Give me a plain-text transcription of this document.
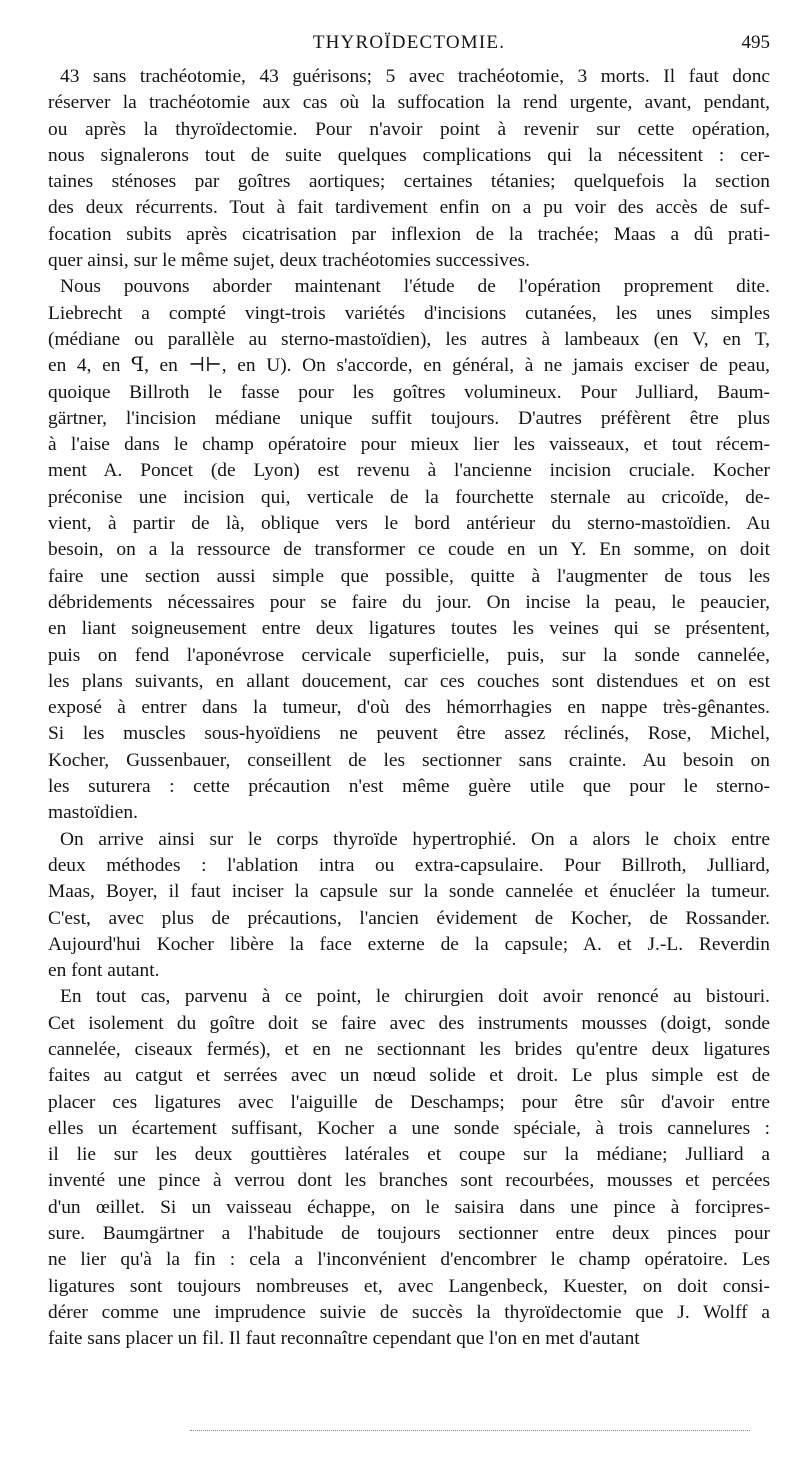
THYROÏDECTOMIE.	495

43 sans trachéotomie, 43 guérisons; 5 avec trachéotomie, 3 morts. Il faut donc
réserver la trachéotomie aux cas où la suffocation la rend urgente, avant, pendant,
ou après la thyroïdectomie. Pour n'avoir point à revenir sur cette opération,
nous signalerons tout de suite quelques complications qui la nécessitent : cer-
taines sténoses par goîtres aortiques; certaines tétanies; quelquefois la section
des deux récurrents. Tout à fait tardivement enfin on a pu voir des accès de suf-
focation subits après cicatrisation par inflexion de la trachée; Maas a dû prati-
quer ainsi, sur le même sujet, deux trachéotomies successives.

Nous pouvons aborder maintenant l'étude de l'opération proprement dite.
Liebrecht a compté vingt-trois variétés d'incisions cutanées, les unes simples
(médiane ou parallèle au sterno-mastoïdien), les autres à lambeaux (en V, en T,
en 4, en ꟼ, en ⊣⊢, en U). On s'accorde, en général, à ne jamais exciser de peau,
quoique Billroth le fasse pour les goîtres volumineux. Pour Julliard, Baum-
gärtner, l'incision médiane unique suffit toujours. D'autres préfèrent être plus
à l'aise dans le champ opératoire pour mieux lier les vaisseaux, et tout récem-
ment A. Poncet (de Lyon) est revenu à l'ancienne incision cruciale. Kocher
préconise une incision qui, verticale de la fourchette sternale au cricoïde, de-
vient, à partir de là, oblique vers le bord antérieur du sterno-mastoïdien. Au
besoin, on a la ressource de transformer ce coude en un Y. En somme, on doit
faire une section aussi simple que possible, quitte à l'augmenter de tous les
débridements nécessaires pour se faire du jour. On incise la peau, le peaucier,
en liant soigneusement entre deux ligatures toutes les veines qui se présentent,
puis on fend l'aponévrose cervicale superficielle, puis, sur la sonde cannelée,
les plans suivants, en allant doucement, car ces couches sont distendues et on est
exposé à entrer dans la tumeur, d'où des hémorrhagies en nappe très-gênantes.
Si les muscles sous-hyoïdiens ne peuvent être assez réclinés, Rose, Michel,
Kocher, Gussenbauer, conseillent de les sectionner sans crainte. Au besoin on
les suturera : cette précaution n'est même guère utile que pour le sterno-
mastoïdien.

On arrive ainsi sur le corps thyroïde hypertrophié. On a alors le choix entre
deux méthodes : l'ablation intra ou extra-capsulaire. Pour Billroth, Julliard,
Maas, Boyer, il faut inciser la capsule sur la sonde cannelée et énucléer la tumeur.
C'est, avec plus de précautions, l'ancien évidement de Kocher, de Rossander.
Aujourd'hui Kocher libère la face externe de la capsule; A. et J.-L. Reverdin
en font autant.

En tout cas, parvenu à ce point, le chirurgien doit avoir renoncé au bistouri.
Cet isolement du goître doit se faire avec des instruments mousses (doigt, sonde
cannelée, ciseaux fermés), et en ne sectionnant les brides qu'entre deux ligatures
faites au catgut et serrées avec un nœud solide et droit. Le plus simple est de
placer ces ligatures avec l'aiguille de Deschamps; pour être sûr d'avoir entre
elles un écartement suffisant, Kocher a une sonde spéciale, à trois cannelures :
il lie sur les deux gouttières latérales et coupe sur la médiane; Julliard a
inventé une pince à verrou dont les branches sont recourbées, mousses et percées
d'un œillet. Si un vaisseau échappe, on le saisira dans une pince à forcipres-
sure. Baumgärtner a l'habitude de toujours sectionner entre deux pinces pour
ne lier qu'à la fin : cela a l'inconvénient d'encombrer le champ opératoire. Les
ligatures sont toujours nombreuses et, avec Langenbeck, Kuester, on doit consi-
dérer comme une imprudence suivie de succès la thyroïdectomie que J. Wolff a
faite sans placer un fil. Il faut reconnaître cependant que l'on en met d'autant
